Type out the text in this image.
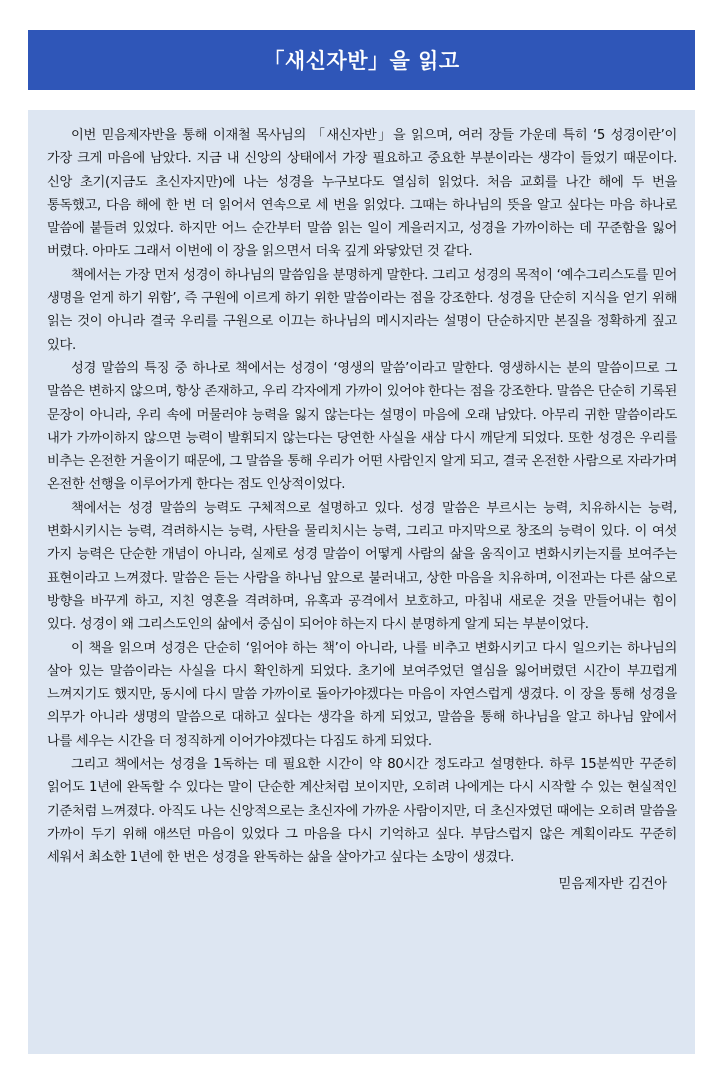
「새신자반」을 읽고

이번 믿음제자반을 통해 이재철 목사님의 「새신자반」을 읽으며, 여러 장들 가운데 특히 ‘5 성경이란’이 가장 크게 마음에 남았다. 지금 내 신앙의 상태에서 가장 필요하고 중요한 부분이라는 생각이 들었기 때문이다. 신앙 초기(지금도 초신자지만)에 나는 성경을 누구보다도 열심히 읽었다. 처음 교회를 나간 해에 두 번을 통독했고, 다음 해에 한 번 더 읽어서 연속으로 세 번을 읽었다. 그때는 하나님의 뜻을 알고 싶다는 마음 하나로 말씀에 붙들려 있었다. 하지만 어느 순간부터 말씀 읽는 일이 게을러지고, 성경을 가까이하는 데 꾸준함을 잃어 버렸다. 아마도 그래서 이번에 이 장을 읽으면서 더욱 깊게 와닿았던 것 같다.

책에서는 가장 먼저 성경이 하나님의 말씀임을 분명하게 말한다. 그리고 성경의 목적이 ‘예수그리스도를 믿어 생명을 얻게 하기 위함’, 즉 구원에 이르게 하기 위한 말씀이라는 점을 강조한다. 성경을 단순히 지식을 얻기 위해 읽는 것이 아니라 결국 우리를 구원으로 이끄는 하나님의 메시지라는 설명이 단순하지만 본질을 정확하게 짚고 있다.

성경 말씀의 특징 중 하나로 책에서는 성경이 ‘영생의 말씀’이라고 말한다. 영생하시는 분의 말씀이므로 그 말씀은 변하지 않으며, 항상 존재하고, 우리 각자에게 가까이 있어야 한다는 점을 강조한다. 말씀은 단순히 기록된 문장이 아니라, 우리 속에 머물러야 능력을 잃지 않는다는 설명이 마음에 오래 남았다. 아무리 귀한 말씀이라도 내가 가까이하지 않으면 능력이 발휘되지 않는다는 당연한 사실을 새삼 다시 깨닫게 되었다. 또한 성경은 우리를 비추는 온전한 거울이기 때문에, 그 말씀을 통해 우리가 어떤 사람인지 알게 되고, 결국 온전한 사람으로 자라가며 온전한 선행을 이루어가게 한다는 점도 인상적이었다.

책에서는 성경 말씀의 능력도 구체적으로 설명하고 있다. 성경 말씀은 부르시는 능력, 치유하시는 능력, 변화시키시는 능력, 격려하시는 능력, 사탄을 물리치시는 능력, 그리고 마지막으로 창조의 능력이 있다. 이 여섯 가지 능력은 단순한 개념이 아니라, 실제로 성경 말씀이 어떻게 사람의 삶을 움직이고 변화시키는지를 보여주는 표현이라고 느껴졌다. 말씀은 듣는 사람을 하나님 앞으로 불러내고, 상한 마음을 치유하며, 이전과는 다른 삶으로 방향을 바꾸게 하고, 지친 영혼을 격려하며, 유혹과 공격에서 보호하고, 마침내 새로운 것을 만들어내는 힘이 있다. 성경이 왜 그리스도인의 삶에서 중심이 되어야 하는지 다시 분명하게 알게 되는 부분이었다.

이 책을 읽으며 성경은 단순히 ‘읽어야 하는 책’이 아니라, 나를 비추고 변화시키고 다시 일으키는 하나님의 살아 있는 말씀이라는 사실을 다시 확인하게 되었다. 초기에 보여주었던 열심을 잃어버렸던 시간이 부끄럽게 느껴지기도 했지만, 동시에 다시 말씀 가까이로 돌아가야겠다는 마음이 자연스럽게 생겼다. 이 장을 통해 성경을 의무가 아니라 생명의 말씀으로 대하고 싶다는 생각을 하게 되었고, 말씀을 통해 하나님을 알고 하나님 앞에서 나를 세우는 시간을 더 정직하게 이어가야겠다는 다짐도 하게 되었다.

그리고 책에서는 성경을 1독하는 데 필요한 시간이 약 80시간 정도라고 설명한다. 하루 15분씩만 꾸준히 읽어도 1년에 완독할 수 있다는 말이 단순한 계산처럼 보이지만, 오히려 나에게는 다시 시작할 수 있는 현실적인 기준처럼 느껴졌다. 아직도 나는 신앙적으로는 초신자에 가까운 사람이지만, 더 초신자였던 때에는 오히려 말씀을 가까이 두기 위해 애쓰던 마음이 있었다 그 마음을 다시 기억하고 싶다. 부담스럽지 않은 계획이라도 꾸준히 세워서 최소한 1년에 한 번은 성경을 완독하는 삶을 살아가고 싶다는 소망이 생겼다.

믿음제자반 김건아
